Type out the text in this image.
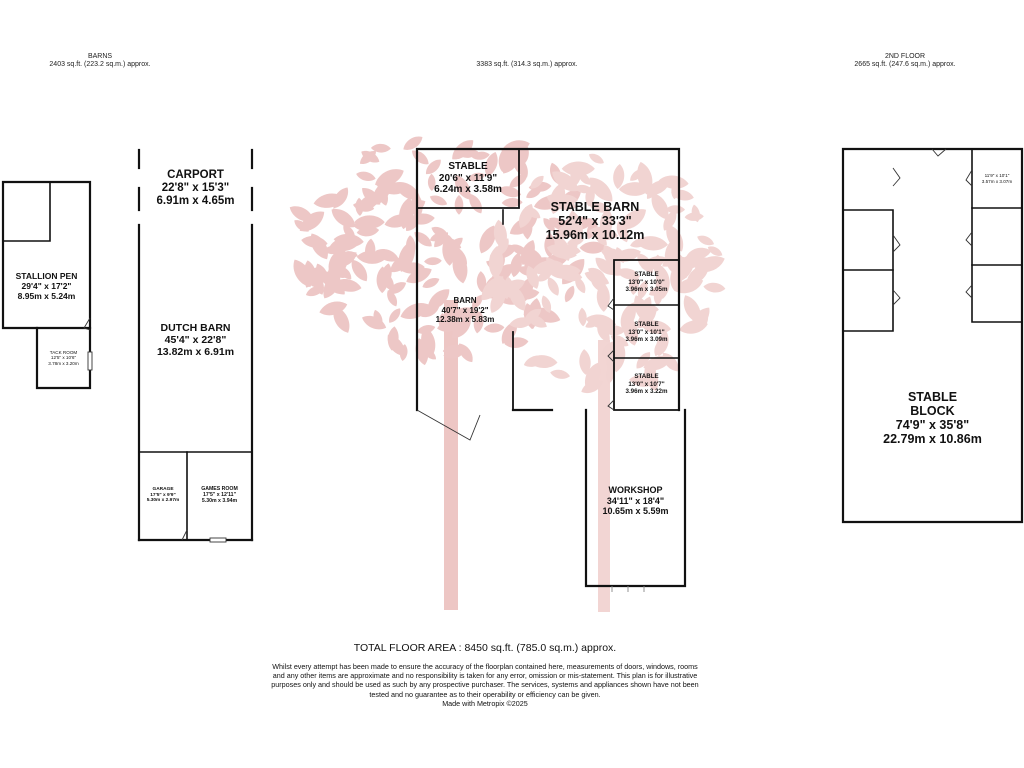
BARNS
2403 sq.ft. (223.2 sq.m.) approx.	3383 sq.ft. (314.3 sq.m.) approx.
2ND FLOOR
2665 sq.ft. (247.6 sq.m.) approx.
STALLION PEN
29'4" x 17'2"
8.95m x 5.24m
TACK ROOM
12'5" x 10'6"
3.78m x 3.20m
CARPORT
22'8" x 15'3"
6.91m x 4.65m
DUTCH BARN
45'4" x 22'8"
13.82m x 6.91m
GARAGE
17'5" x 9'9"
5.30m x 2.97m
GAMES ROOM
17'5" x 12'11"
5.30m x 3.94m
STABLE
20'6" x 11'9"
6.24m x 3.58m
STABLE BARN
52'4" x 33'3"
15.96m x 10.12m
BARN
40'7" x 19'2"
12.38m x 5.83m
STABLE
13'0" x 10'0"
3.96m x 3.05m
STABLE
13'0" x 10'1"
3.96m x 3.09m
STABLE
13'0" x 10'7"
3.96m x 3.22m
WORKSHOP
34'11" x 18'4"
10.65m x 5.59m
11'9" x 10'1"
3.57m x 3.07m
STABLE
BLOCK
74'9" x 35'8"
22.79m x 10.86m
TOTAL FLOOR AREA : 8450 sq.ft. (785.0 sq.m.) approx.
Whilst every attempt has been made to ensure the accuracy of the floorplan contained here, measurements of doors, windows, rooms and any other items are approximate and no responsibility is taken for any error, omission or mis-statement. This plan is for illustrative purposes only and should be used as such by any prospective purchaser. The services, systems and appliances shown have not been tested and no guarantee as to their operability or efficiency can be given.
Made with Metropix ©2025
